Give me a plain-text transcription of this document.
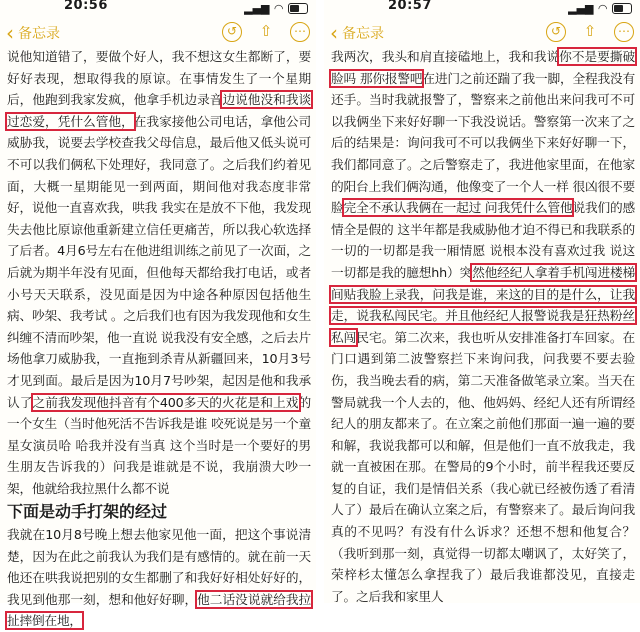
20:56	▂▄▆ ◠
‹ 备忘录	↺	⇧	⋯

说他知道错了，要做个好人，我不想这女生都断了，要好好表现，想取得我的原谅。在事情发生了一个星期后，他跑到我家发疯，他拿手机边录音边说他没和我谈过恋爱，凭什么管他，在我家接他公司电话，拿他公司威胁我，说要去学校查我父母信息，最后他又低头说可不可以我们俩私下处理好，我同意了。之后我们约着见面，大概一星期能见一到两面，期间他对我态度非常好，说他一直喜欢我，哄我 我实在是放不下他，我发现失去他比原谅他重新建立信任更痛苦，所以我心软选择了后者。4月6号左右在他进组训练之前见了一次面，之后就为期半年没有见面，但他每天都给我打电话，或者小号天天联系，没见面是因为中途各种原因包括他生病、吵架、我考试 。之后我们也有因为我发现他和女生纠缠不清而吵架，他一直说 说我没有安全感，之后去片场他拿刀威胁我，一直拖到杀青从新疆回来，10月3号才见到面。最后是因为10月7号吵架，起因是他和我承认了之前我发现他抖音有个400多天的火花是和上戏的一个女生（当时他死活不告诉我是谁 咬死说是另一个童星女演员哈 哈我并没有当真 这个当时是一个要好的男生朋友告诉我的）问我是谁就是不说，我崩溃大吵一架，他就给我拉黑什么都不说

下面是动手打架的经过

我就在10月8号晚上想去他家见他一面，把这个事说清楚，因为在此之前我认为我们是有感情的。就在前一天他还在哄我说把别的女生都删了和我好好相处好好的，我见到他那一刻，想和他好好聊，他二话没说就给我拉扯摔倒在地，

20:57	▂▄▆ ◠
‹ 备忘录	↺	⇧	⋯

我两次，我头和肩直接磕地上，我和我说你不是要撕破脸吗 那你报警吧在进门之前还踹了我一脚，全程我没有还手。当时我就报警了，警察来之前他出来问我可不可以我俩坐下来好好聊一下我没说话。警察第一次来了之后的结果是：询问我可不可以我俩坐下来好好聊一下，我们都同意了。之后警察走了，我进他家里面，在他家的阳台上我们俩沟通，他像变了一个人一样 很凶很不要脸完全不承认我俩在一起过 问我凭什么管他说我们的感情全是假的 这半年都是我威胁他才迫不得已和我联系的一切的一切都是我一厢情愿 说根本没有喜欢过我 说这一切都是我的臆想hh）突然他经纪人拿着手机闯进楼梯间贴我脸上录我，问我是谁，来这的目的是什么，让我走，说我私闯民宅。并且他经纪人报警说我是狂热粉丝 私闯民宅。第二次来，我也听从安排准备打车回家。在门口遇到第二波警察拦下来询问我，问我要不要去验伤，我当晚去看的病，第二天准备做笔录立案。当天在警局就我一个人去的，他、他妈妈、经纪人还有所谓经纪人的朋友都来了。在立案之前他们那面一遍一遍的要和解，我说我都可以和解，但是他们一直不放我走，我就一直被困在那。在警局的9个小时，前半程我还要反复的自证，我们是情侣关系（我心就已经被伤透了看清人了）最后在确认立案之后，有警察来了。最后询问我真的不见吗？有没有什么诉求？还想不想和他复合？（我听到那一刻，真觉得一切都太嘲讽了，太好笑了，荣梓杉太懂怎么拿捏我了）最后我谁都没见，直接走了。之后我和家里人
